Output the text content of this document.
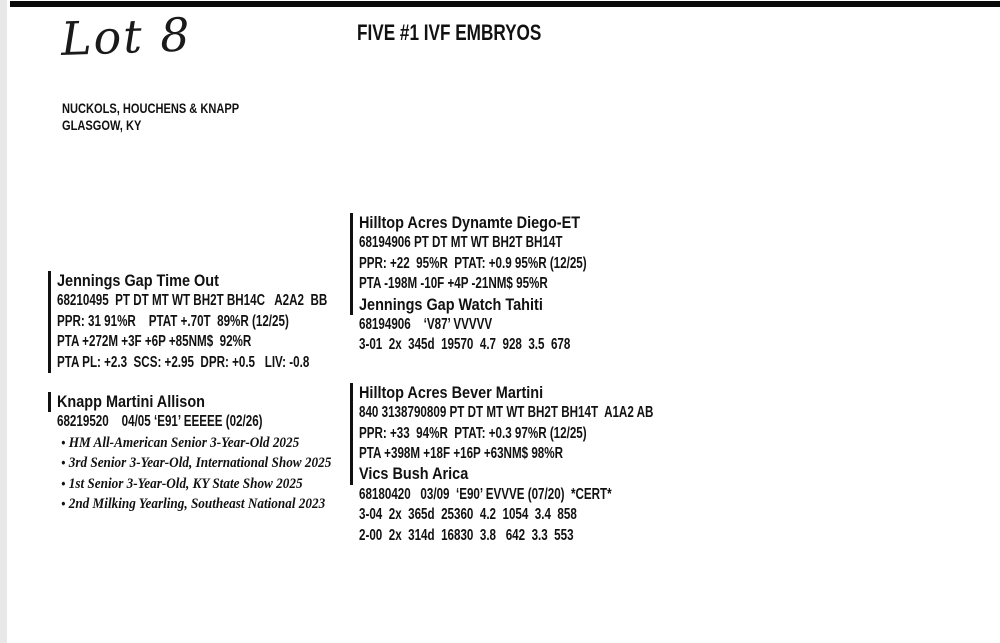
Lot 8
NUCKOLS, HOUCHENS & KNAPP
GLASGOW, KY
FIVE #1 IVF EMBRYOS
Jennings Gap Time Out
68210495  PT DT MT WT BH2T BH14C   A2A2  BB
PPR: 31 91%R    PTAT +.70T  89%R (12/25)
PTA +272M +3F +6P +85NM$  92%R
PTA PL: +2.3  SCS: +2.95  DPR: +0.5   LIV: -0.8
Knapp Martini Allison
68219520    04/05 ‘E91’ EEEEE (02/26)
• HM All-American Senior 3-Year-Old 2025
• 3rd Senior 3-Year-Old, International Show 2025
• 1st Senior 3-Year-Old, KY State Show 2025
• 2nd Milking Yearling, Southeast National 2023
Hilltop Acres Dynamte Diego-ET
68194906 PT DT MT WT BH2T BH14T
PPR: +22  95%R  PTAT: +0.9 95%R (12/25)
PTA -198M -10F +4P -21NM$ 95%R
Jennings Gap Watch Tahiti
68194906    ‘V87’ VVVVV
3-01  2x  345d  19570  4.7  928  3.5  678
Hilltop Acres Bever Martini
840 3138790809 PT DT MT WT BH2T BH14T  A1A2 AB
PPR: +33  94%R  PTAT: +0.3 97%R (12/25)
PTA +398M +18F +16P +63NM$ 98%R
Vics Bush Arica
68180420   03/09  ‘E90’ EVVVE (07/20)  *CERT*
3-04  2x  365d  25360  4.2  1054  3.4  858
2-00  2x  314d  16830  3.8   642  3.3  553
